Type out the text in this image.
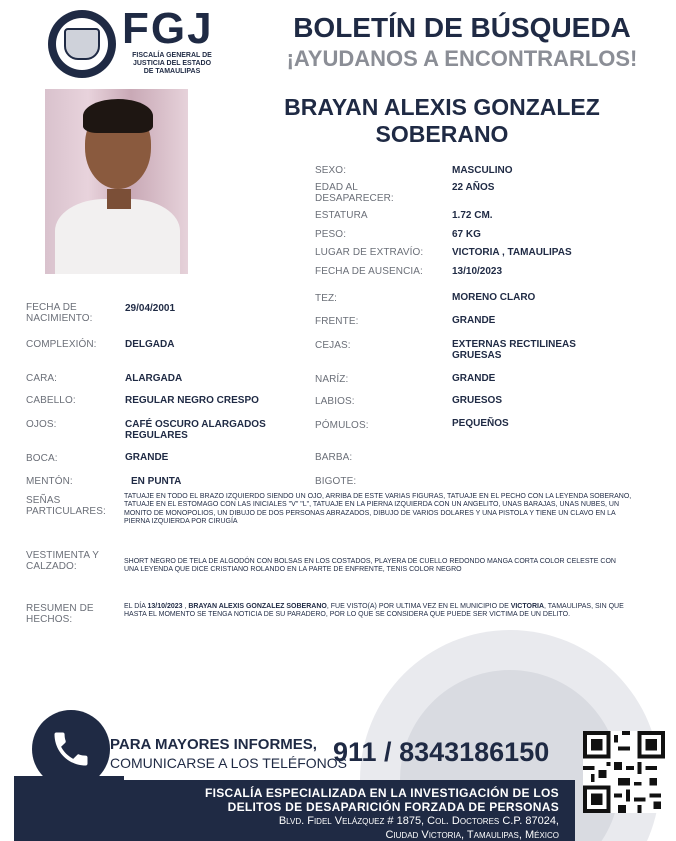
FGJ
FISCALÍA GENERAL DE
JUSTICIA DEL ESTADO
DE TAMAULIPAS
BOLETÍN DE BÚSQUEDA
¡AYUDANOS A ENCONTRARLOS!
BRAYAN ALEXIS GONZALEZ
SOBERANO
SEXO:	MASCULINO
EDAD AL DESAPARECER:
22 AÑOS
ESTATURA	1.72 CM.
PESO:	67 KG
LUGAR DE EXTRAVÍO:	VICTORIA , TAMAULIPAS
FECHA DE AUSENCIA:	13/10/2023
FECHA DE NACIMIENTO:
29/04/2001
COMPLEXIÓN:	DELGADA
CARA:	ALARGADA
CABELLO:	REGULAR NEGRO CRESPO
OJOS:	CAFÉ OSCURO ALARGADOS REGULARES
BOCA:	GRANDE
MENTÓN:	EN PUNTA
TEZ:	MORENO CLARO
FRENTE:	GRANDE
CEJAS:	EXTERNAS RECTILINEAS GRUESAS
NARÍZ:	GRANDE
LABIOS:	GRUESOS
PÓMULOS:	PEQUEÑOS
BARBA:
BIGOTE:
SEÑAS PARTICULARES:
TATUAJE EN TODO EL BRAZO IZQUIERDO SIENDO UN OJO, ARRIBA DE ESTE VARIAS FIGURAS, TATUAJE EN EL PECHO CON LA LEYENDA SOBERANO, TATUAJE EN EL ESTOMAGO CON LAS INICIALES "V" "L", TATUAJE EN LA PIERNA IZQUIERDA CON UN ANGELITO, UNAS BARAJAS, UNAS NUBES, UN MONITO DE MONOPOLIOS, UN DIBUJO DE DOS PERSONAS ABRAZADOS, DIBUJO DE VARIOS DOLARES Y UNA PISTOLA Y TIENE UN CLAVO EN LA PIERNA IZQUIERDA POR CIRUGÍA
VESTIMENTA Y CALZADO:	SHORT NEGRO DE TELA DE ALGODÓN CON BOLSAS EN LOS COSTADOS, PLAYERA DE CUELLO REDONDO MANGA CORTA COLOR CELESTE CON UNA LEYENDA QUE DICE CRISTIANO ROLANDO EN LA PARTE DE ENFRENTE, TENIS COLOR NEGRO
RESUMEN DE HECHOS:
EL DÍA 13/10/2023 , BRAYAN ALEXIS GONZALEZ SOBERANO, FUE VISTO(A) POR ULTIMA VEZ EN EL MUNICIPIO DE VICTORIA, TAMAULIPAS, SIN QUE HASTA EL MOMENTO SE TENGA NOTICIA DE SU PARADERO, POR LO QUE SE CONSIDERA QUE PUEDE SER VICTIMA DE UN DELITO.
PARA MAYORES INFORMES,
COMUNICARSE A LOS TELÉFONOS
911 / 8343186150
FISCALÍA ESPECIALIZADA EN LA INVESTIGACIÓN DE LOS
DELITOS DE DESAPARICIÓN FORZADA DE PERSONAS
Blvd. Fidel Velázquez # 1875, Col. Doctores C.P. 87024,
Ciudad Victoria, Tamaulipas, México
